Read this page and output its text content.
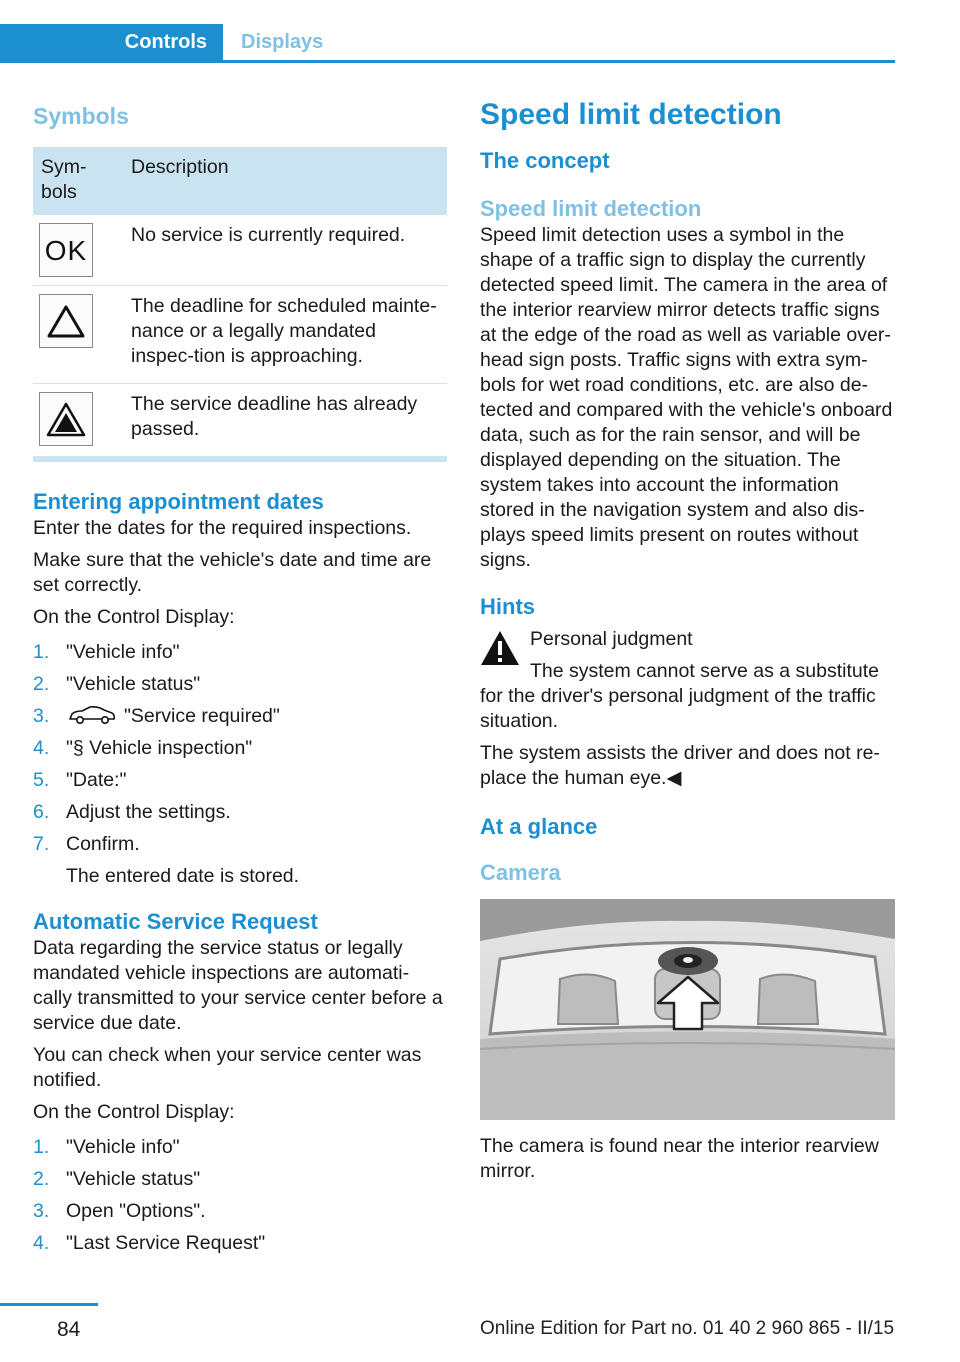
Controls	Displays
Symbols
Sym-bols	Description

OK	No service is currently required.

	The deadline for scheduled mainte-nance or a legally mandated inspec-tion is approaching.

	The service deadline has already passed.
Entering appointment dates

Enter the dates for the required inspections.

Make sure that the vehicle's date and time are set correctly.

On the Control Display:

1. "Vehicle info"
2. "Vehicle status"
3.	"Service required"
4. "§ Vehicle inspection"
5. "Date:"
6. Adjust the settings.
7. Confirm.
The entered date is stored.
Automatic Service Request

Data regarding the service status or legally mandated vehicle inspections are automati-cally transmitted to your service center before a service due date.

You can check when your service center was notified.

On the Control Display:

1. "Vehicle info"
2. "Vehicle status"
3. Open "Options".
4. "Last Service Request"
Speed limit detection
The concept
Speed limit detection

Speed limit detection uses a symbol in the shape of a traffic sign to display the currently detected speed limit. The camera in the area of the interior rearview mirror detects traffic signs at the edge of the road as well as variable over-head sign posts. Traffic signs with extra sym-bols for wet road conditions, etc. are also de-tected and compared with the vehicle's onboard data, such as for the rain sensor, and will be displayed depending on the situation. The system takes into account the information stored in the navigation system and also dis-plays speed limits present on routes without signs.

Hints

Personal judgment

The system cannot serve as a substitute for the driver's personal judgment of the traffic situation.

The system assists the driver and does not re-place the human eye.◀

At a glance
Camera

The camera is found near the interior rearview mirror.

84	Online Edition for Part no. 01 40 2 960 865 - II/15
